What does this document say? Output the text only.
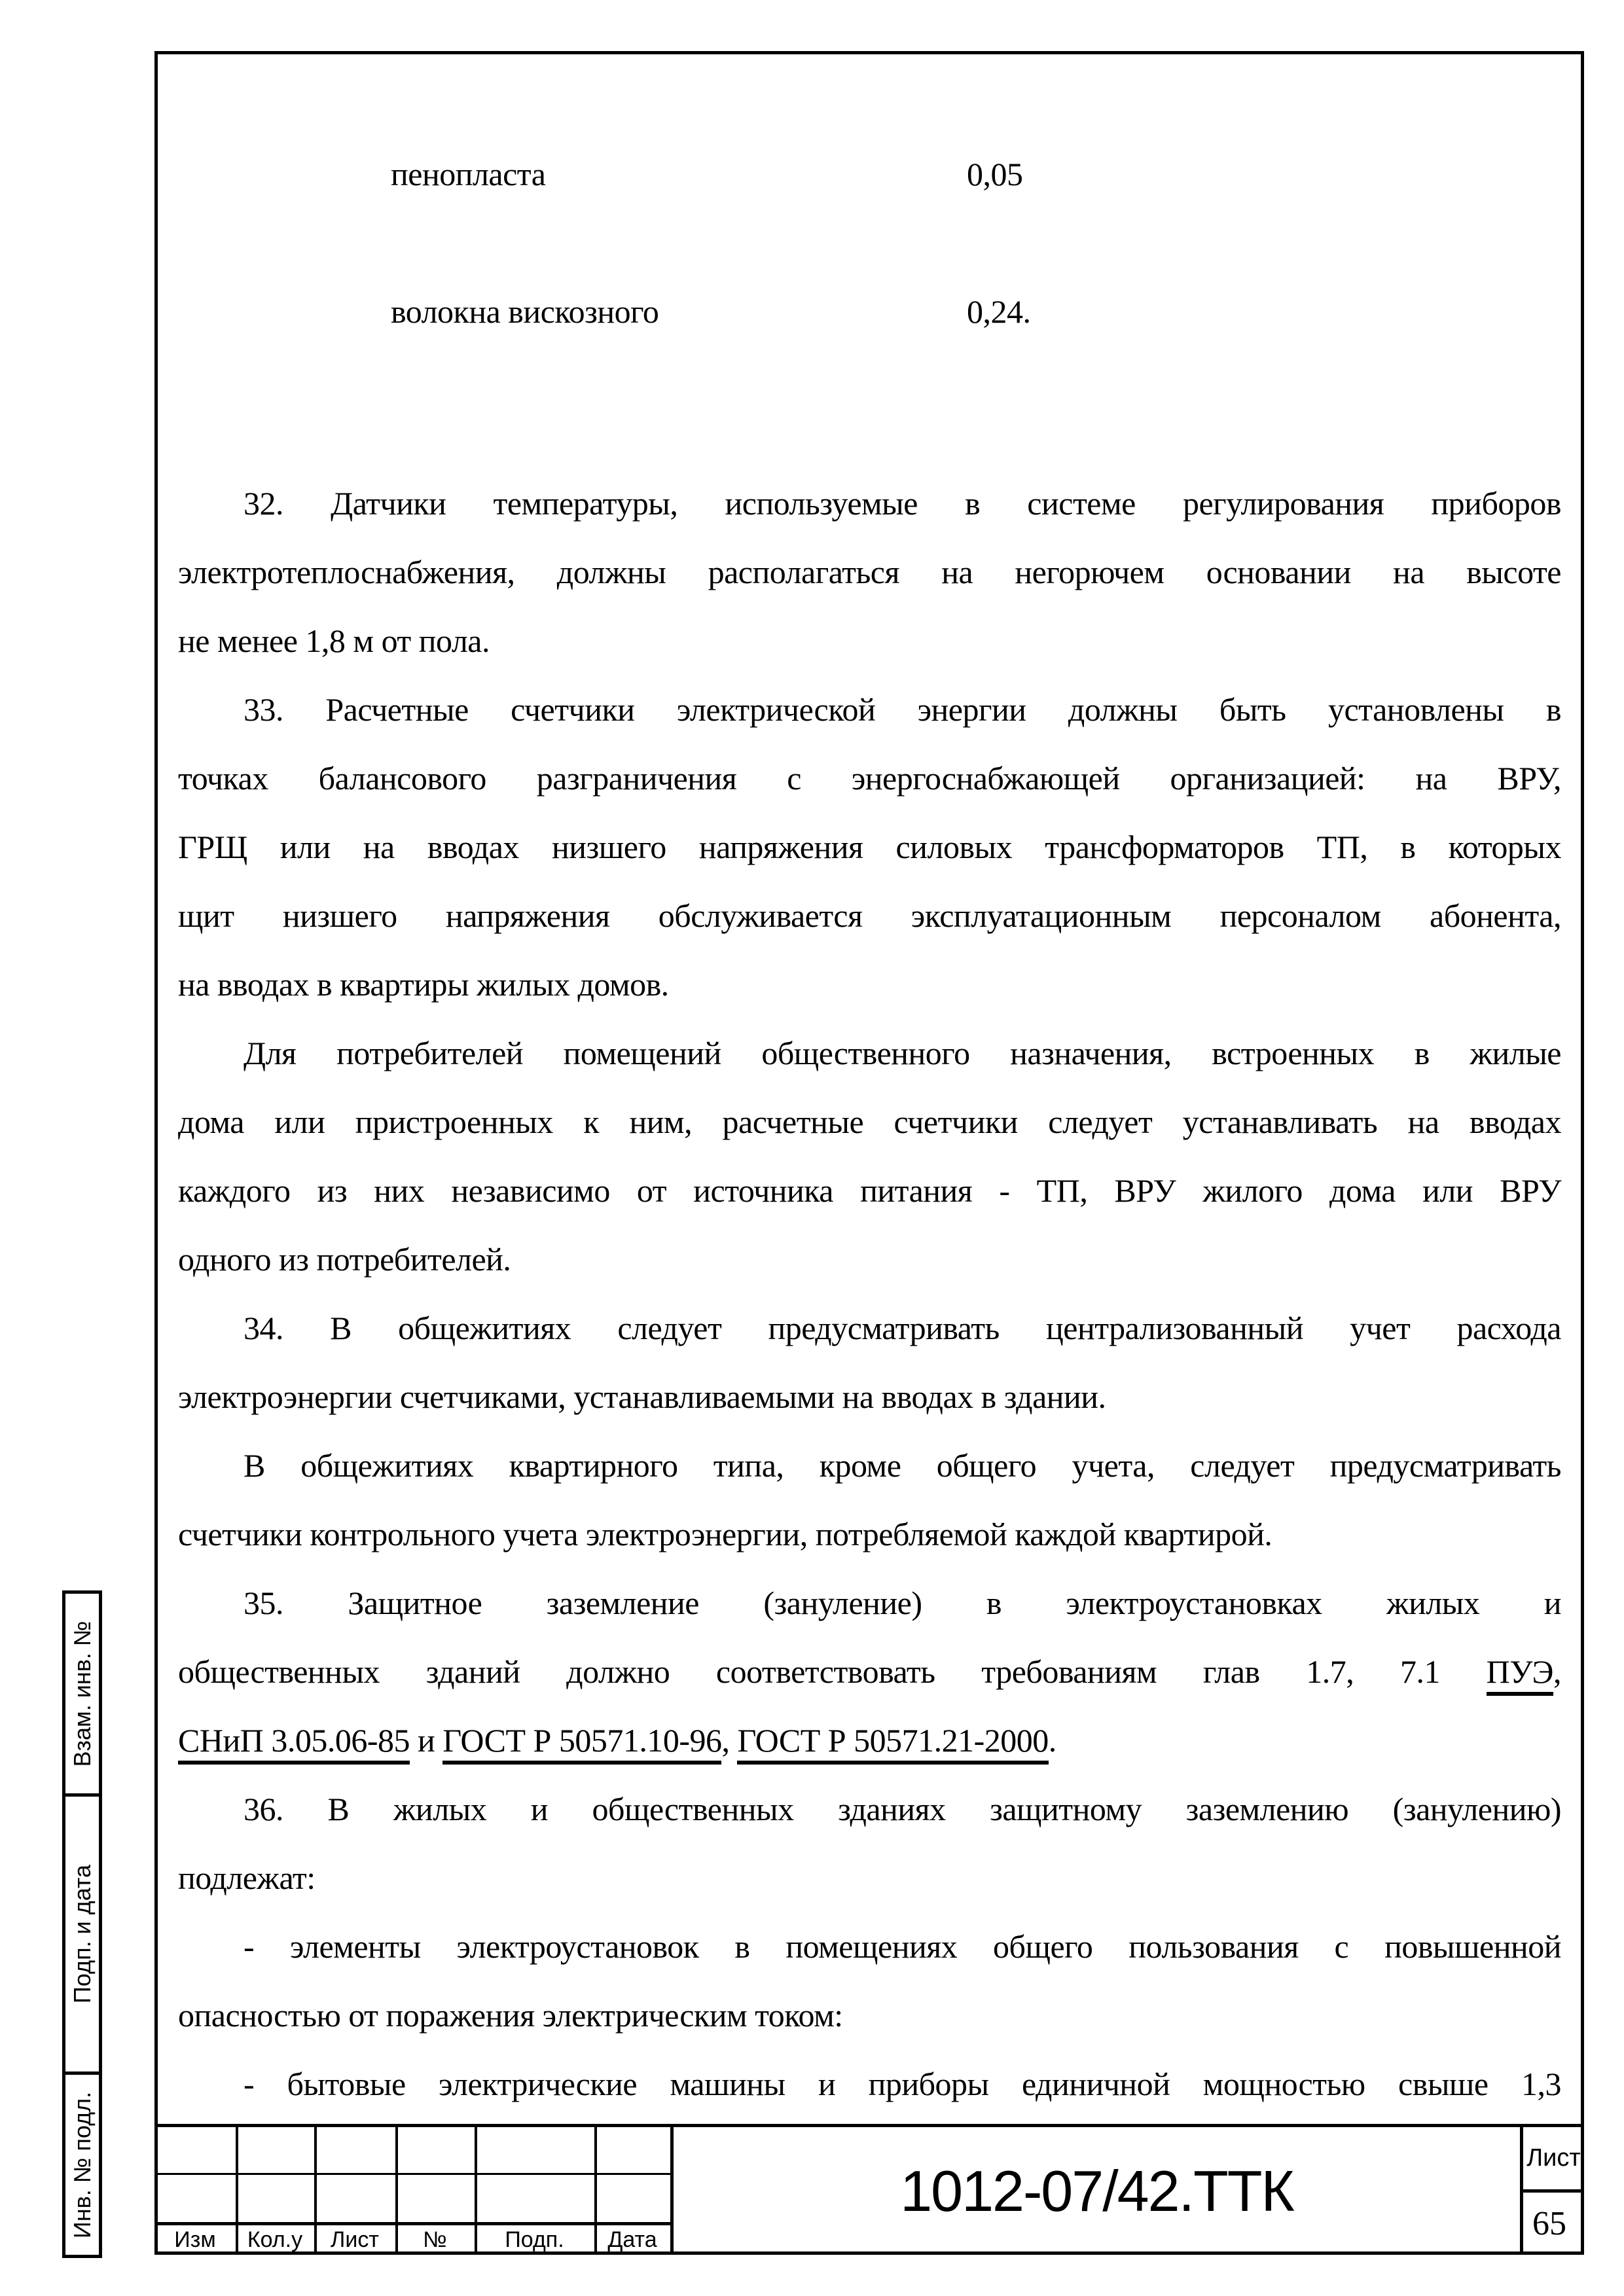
пенопласта	0,05
волокна вискозного	0,24.
32. Датчики температуры, используемые в системе регулирования приборов
электротеплоснабжения, должны располагаться на негорючем основании на высоте
не менее 1,8 м от пола.
33. Расчетные счетчики электрической энергии должны быть установлены в
точках балансового разграничения с энергоснабжающей организацией: на ВРУ,
ГРЩ или на вводах низшего напряжения силовых трансформаторов ТП, в которых
щит низшего напряжения обслуживается эксплуатационным персоналом абонента,
на вводах в квартиры жилых домов.
Для потребителей помещений общественного назначения, встроенных в жилые
дома или пристроенных к ним, расчетные счетчики следует устанавливать на вводах
каждого из них независимо от источника питания - ТП, ВРУ жилого дома или ВРУ
одного из потребителей.
34. В общежитиях следует предусматривать централизованный учет расхода
электроэнергии счетчиками, устанавливаемыми на вводах в здании.
В общежитиях квартирного типа, кроме общего учета, следует предусматривать
счетчики контрольного учета электроэнергии, потребляемой каждой квартирой.
35. Защитное заземление (зануление) в электроустановках жилых и
общественных зданий должно соответствовать требованиям глав 1.7, 7.1 ПУЭ,
СНиП 3.05.06-85 и ГОСТ Р 50571.10-96, ГОСТ Р 50571.21-2000.
36. В жилых и общественных зданиях защитному заземлению (занулению)
подлежат:
- элементы электроустановок в помещениях общего пользования с повышенной
опасностью от поражения электрическим током:
- бытовые электрические машины и приборы единичной мощностью свыше 1,3
Взам. инв. №
Подп. и дата
Инв. № подл.
Изм	Кол.у	Лист	№	Подп.	Дата
1012-07/42.ТТК
Лист
65
